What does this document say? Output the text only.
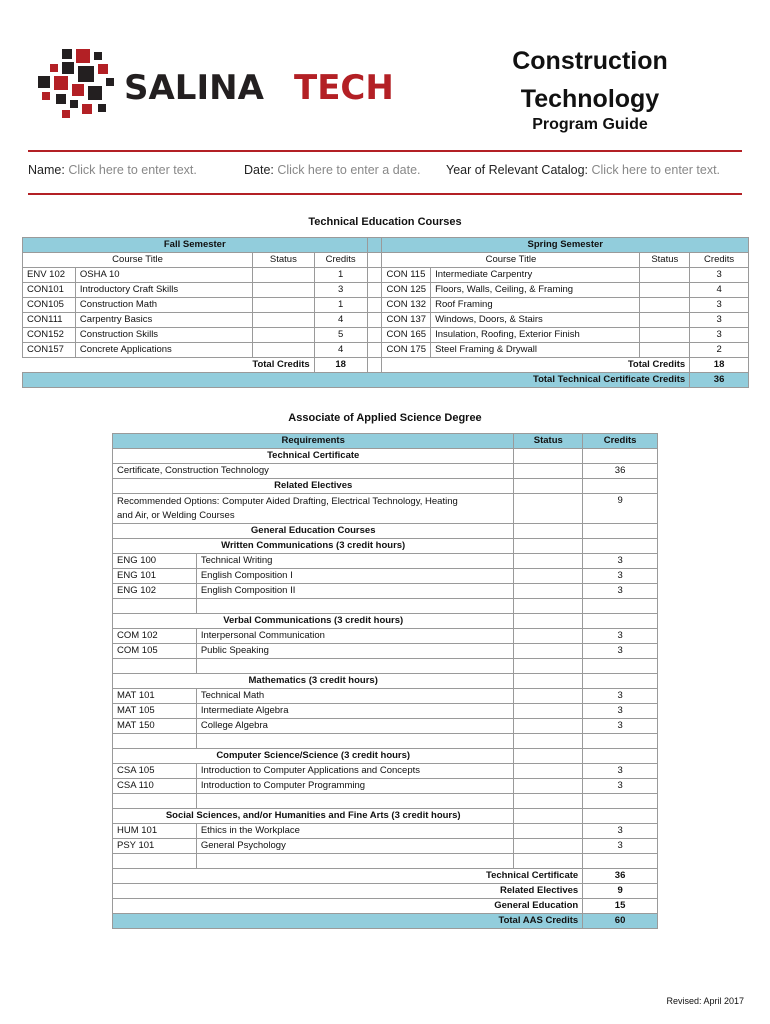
SALINA TECH
Construction
Technology
Program Guide
Name: Click here to enter text.	Date: Click here to enter a date. Year of Relevant Catalog: Click here to enter text.
Technical Education Courses
Fall Semester					Spring Semester			
Course Title		Status	Credits		Course Title		Status	Credits
ENV 102	OSHA 10		1		CON 115	Intermediate Carpentry		3
CON101	Introductory Craft Skills		3		CON 125	Floors, Walls, Ceiling, & Framing		4
CON105	Construction Math		1		CON 132	Roof Framing		3
CON111	Carpentry Basics		4		CON 137	Windows, Doors, & Stairs		3
CON152	Construction Skills		5		CON 165	Insulation, Roofing, Exterior Finish		3
CON157	Concrete Applications		4		CON 175	Steel Framing & Drywall		2
	Total Credits		18		Total Credits			18
Total Technical Certificate Credits								36
Associate of Applied Science Degree
Requirements		Status	Credits
Technical Certificate			
Certificate, Construction Technology			36
Related Electives			

Recommended Options: Computer Aided Drafting, Electrical Technology, Heating
and Air, or Welding Courses			9
General Education Courses			
Written Communications (3 credit hours)			
ENG 100	Technical Writing		3
ENG 101	English Composition I		3
ENG 102	English Composition II		3

Verbal Communications (3 credit hours)			
COM 102	Interpersonal Communication		3
COM 105	Public Speaking		3

Mathematics (3 credit hours)			
MAT 101	Technical Math		3
MAT 105	Intermediate Algebra		3
MAT 150	College Algebra		3

Computer Science/Science (3 credit hours)			
CSA 105	Introduction to Computer Applications and Concepts		3
CSA 110	Introduction to Computer Programming		3

Social Sciences, and/or Humanities and Fine Arts (3 credit hours)			
HUM 101	Ethics in the Workplace		3
PSY 101	General Psychology		3

Technical Certificate			36
Related Electives			9
General Education			15
Total AAS Credits			60
Revised: April 2017
